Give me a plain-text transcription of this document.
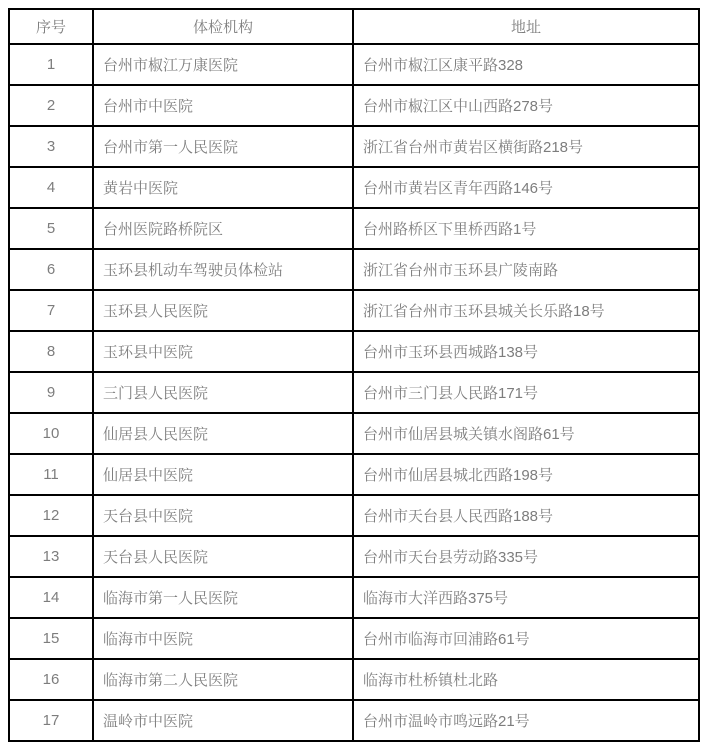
序号	体检机构	地址
1	台州市椒江万康医院	台州市椒江区康平路328
2	台州市中医院	台州市椒江区中山西路278号
3	台州市第一人民医院	浙江省台州市黄岩区横街路218号
4	黄岩中医院	台州市黄岩区青年西路146号
5	台州医院路桥院区	台州路桥区下里桥西路1号
6	玉环县机动车驾驶员体检站	浙江省台州市玉环县广陵南路
7	玉环县人民医院	浙江省台州市玉环县城关长乐路18号
8	玉环县中医院	台州市玉环县西城路138号
9	三门县人民医院	台州市三门县人民路171号
10	仙居县人民医院	台州市仙居县城关镇水阁路61号
11	仙居县中医院	台州市仙居县城北西路198号
12	天台县中医院	台州市天台县人民西路188号
13	天台县人民医院	台州市天台县劳动路335号
14	临海市第一人民医院	临海市大洋西路375号
15	临海市中医院	台州市临海市回浦路61号
16	临海市第二人民医院	临海市杜桥镇杜北路
17	温岭市中医院	台州市温岭市鸣远路21号
